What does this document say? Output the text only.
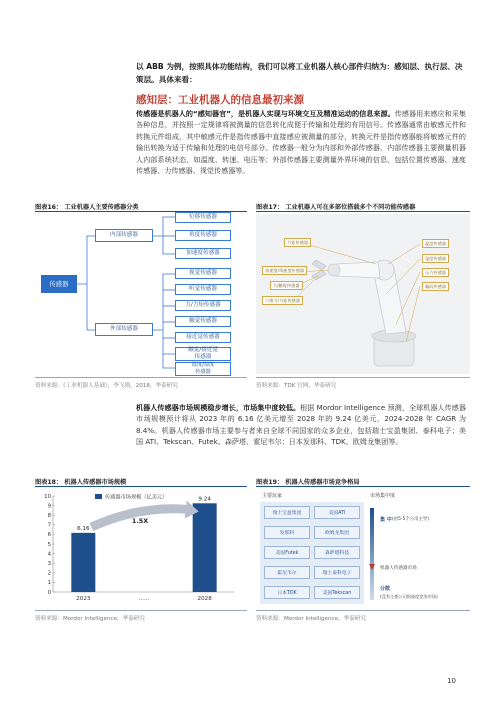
以 ABB 为例，按照具体功能结构，我们可以将工业机器人核心部件归纳为：感知层、执行层、决策层。具体来看：
感知层：工业机器人的信息最初来源
传感器是机器人的“感知器官”，是机器人实现与环境交互及精准运动的信息来源。传感器用来感应和采集各种信息，并按照一定规律将被测量的信息转化成便于传输和处理的有用信号。传感器通常由敏感元件和转换元件组成，其中敏感元件是指传感器中直接感应被测量的部分，转换元件是指传感器能将敏感元件的输出转换为适于传输和处理的电信号部分。传感器一般分为内部和外部传感器，内部传感器主要测量机器人内部系统状态，如温度、转速、电压等；外部传感器主要测量外界环境的信息，包括位置传感器、速度传感器、力传感器、视觉传感器等。
图表16： 工业机器人主要传感器分类
传感器
内部传感器
外部传感器
位移传感器
角度传感器
加速度传感器
视觉传感器
听觉传感器
力/力矩传感器
触觉传感器
接近觉传感器
触觉/接近觉
传感器
温度/湿度
传感器
资料来源：《工业机器人基础》，李飞翔，2018，华泰研究
图表17： 工业机器人可在多部位搭载多个不同功能传感器
力矩传感器
加速度/角速度传感器
力/触觉传感器
六维力/力矩传感器
温度传感器
湿度传感器
压力传感器
编码传感器
资料来源：TDK 官网，华泰研究
机器人传感器市场规模稳步增长，市场集中度较低。根据 Mordor Intelligence 预测，全球机器人传感器市场规模预计将从 2023 年的 6.16 亿美元增至 2028 年的 9.24 亿美元，2024-2028 年 CAGR 为 8.4%。机器人传感器市场主要参与者来自全球不同国家的众多企业，包括瑞士宝盈集团、泰科电子；美国 ATI、Tekscan、Futek、森萨塔、霍尼韦尔；日本发那科、TDK、欧姆龙集团等。
图表18： 机器人传感器市场规模
0
1
2
3
4
5
6
7
8
9
10	传感器市场规模（亿美元）
6.16
2023	……
9.24
2028
1.5X
资料来源：Mordor Intelligence，华泰研究
图表19： 机器人传感器市场竞争格局
主要玩家	市场集中度
瑞士宝盈集团	美国ATI
发那科	欧姆龙集团
美国Futek	森萨塔科技
霍尼韦尔	瑞士泰科电子
日本TDK	美国Tekscan
集 中 (由5-5个公司主导)
机器人传感器市场
分散
(没有主要公司的高度竞争市场)
资料来源：Mordor Intelligence，华泰研究
10
